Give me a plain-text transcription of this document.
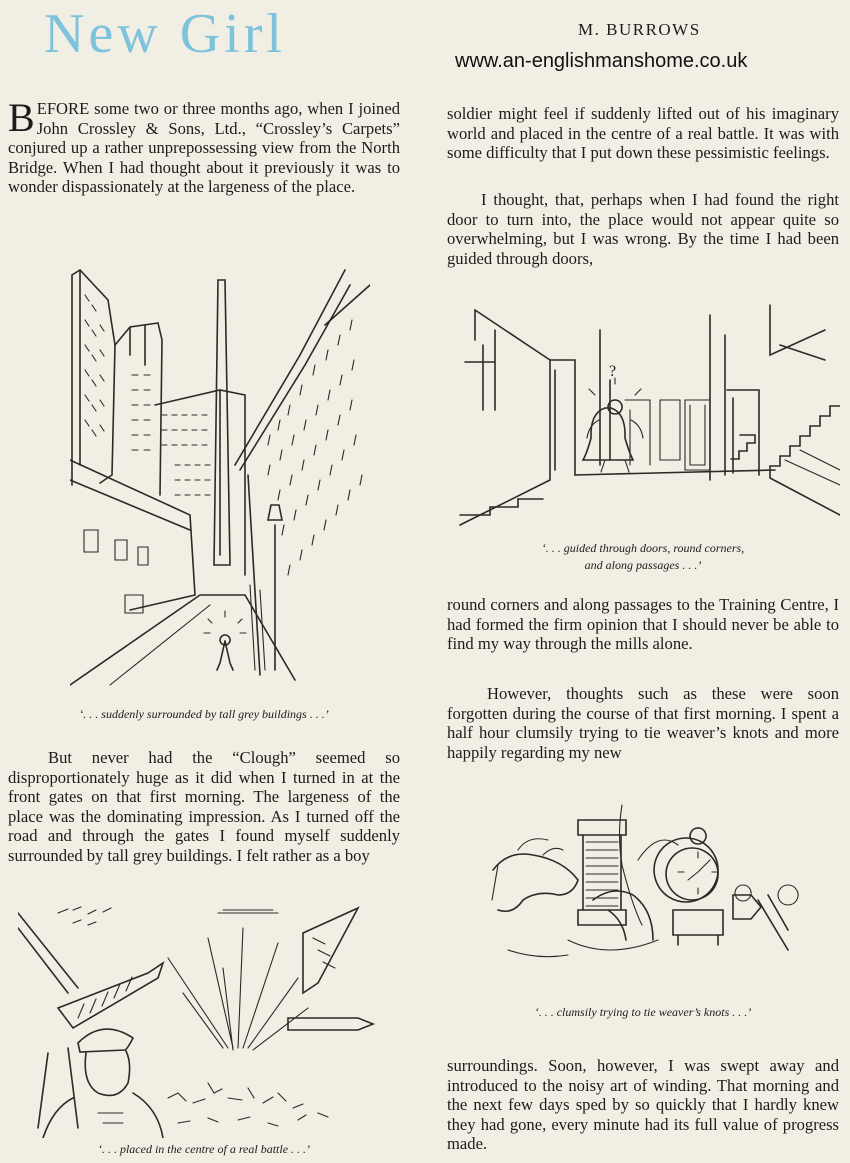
New Girl	M. BURROWS
www.an-englishmanshome.co.uk

BEFORE some two or three months ago, when I joined John Crossley & Sons, Ltd., “Crossley’s Carpets” conjured up a rather unprepossessing view from the North Bridge. When I had thought about it previously it was to wonder dispassionately at the largeness of the place.

‘. . . suddenly surrounded by tall grey buildings . . .’

But never had the “Clough” seemed so disproportionately huge as it did when I turned in at the front gates on that first morning. The largeness of the place was the dominating impression. As I turned off the road and through the gates I found myself suddenly surrounded by tall grey buildings. I felt rather as a boy

‘. . . placed in the centre of a real battle . . .’

soldier might feel if suddenly lifted out of his imaginary world and placed in the centre of a real battle. It was with some difficulty that I put down these pessimistic feelings.

I thought, that, perhaps when I had found the right door to turn into, the place would not appear quite so overwhelming, but I was wrong. By the time I had been guided through doors,

?
‘. . . guided through doors, round corners,
and along passages . . .’

round corners and along passages to the Training Centre, I had formed the firm opinion that I should never be able to find my way through the mills alone.

However, thoughts such as these were soon forgotten during the course of that first morning. I spent a half hour clumsily trying to tie weaver’s knots and more happily regarding my new

‘. . . clumsily trying to tie weaver’s knots . . .’

surroundings. Soon, however, I was swept away and introduced to the noisy art of winding. That morning and the next few days sped by so quickly that I hardly knew they had gone, every minute had its full value of progress made.
